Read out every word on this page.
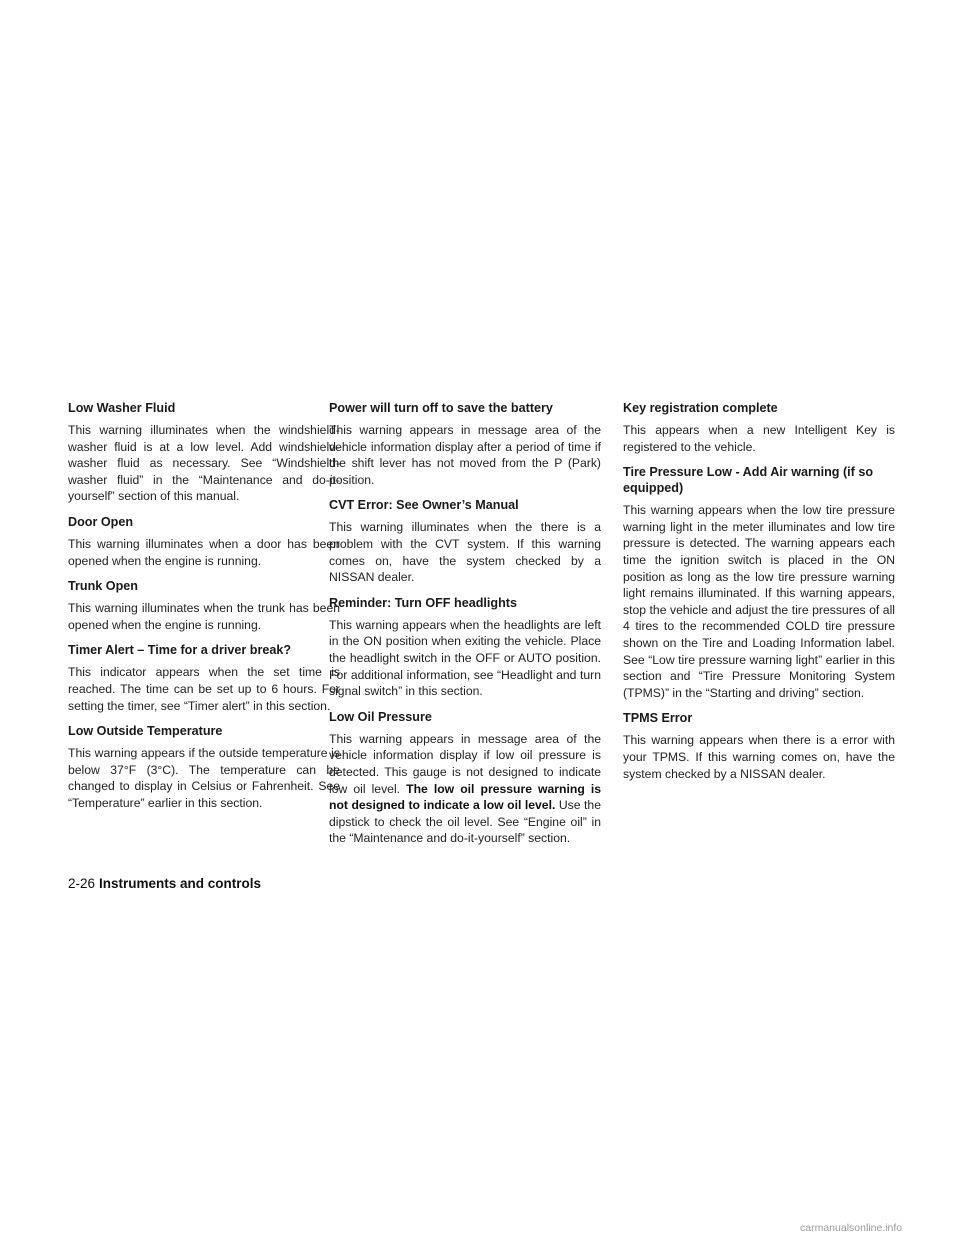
Low Washer Fluid

This warning illuminates when the windshield-washer fluid is at a low level. Add windshield-washer fluid as necessary. See “Windshield-washer fluid” in the “Maintenance and do-it-yourself” section of this manual.

Door Open

This warning illuminates when a door has been opened when the engine is running.

Trunk Open

This warning illuminates when the trunk has been opened when the engine is running.

Timer Alert – Time for a driver break?

This indicator appears when the set time is reached. The time can be set up to 6 hours. For setting the timer, see “Timer alert” in this section.

Low Outside Temperature

This warning appears if the outside temperature is below 37°F (3°C). The temperature can be changed to display in Celsius or Fahrenheit. See “Temperature” earlier in this section.

Power will turn off to save the battery

This warning appears in message area of the vehicle information display after a period of time if the shift lever has not moved from the P (Park) position.

CVT Error: See Owner’s Manual

This warning illuminates when the there is a problem with the CVT system. If this warning comes on, have the system checked by a NISSAN dealer.

Reminder: Turn OFF headlights

This warning appears when the headlights are left in the ON position when exiting the vehicle. Place the headlight switch in the OFF or AUTO position. For additional information, see “Headlight and turn signal switch” in this section.

Low Oil Pressure

This warning appears in message area of the vehicle information display if low oil pressure is detected. This gauge is not designed to indicate low oil level. The low oil pressure warning is not designed to indicate a low oil level. Use the dipstick to check the oil level. See “Engine oil” in the “Maintenance and do-it-yourself” section.

Key registration complete

This appears when a new Intelligent Key is registered to the vehicle.

Tire Pressure Low - Add Air warning (if so equipped)

This warning appears when the low tire pressure warning light in the meter illuminates and low tire pressure is detected. The warning appears each time the ignition switch is placed in the ON position as long as the low tire pressure warning light remains illuminated. If this warning appears, stop the vehicle and adjust the tire pressures of all 4 tires to the recommended COLD tire pressure shown on the Tire and Loading Information label. See “Low tire pressure warning light” earlier in this section and “Tire Pressure Monitoring System (TPMS)” in the “Starting and driving” section.

TPMS Error

This warning appears when there is a error with your TPMS. If this warning comes on, have the system checked by a NISSAN dealer.

2-26 Instruments and controls
carmanualsonline.info
